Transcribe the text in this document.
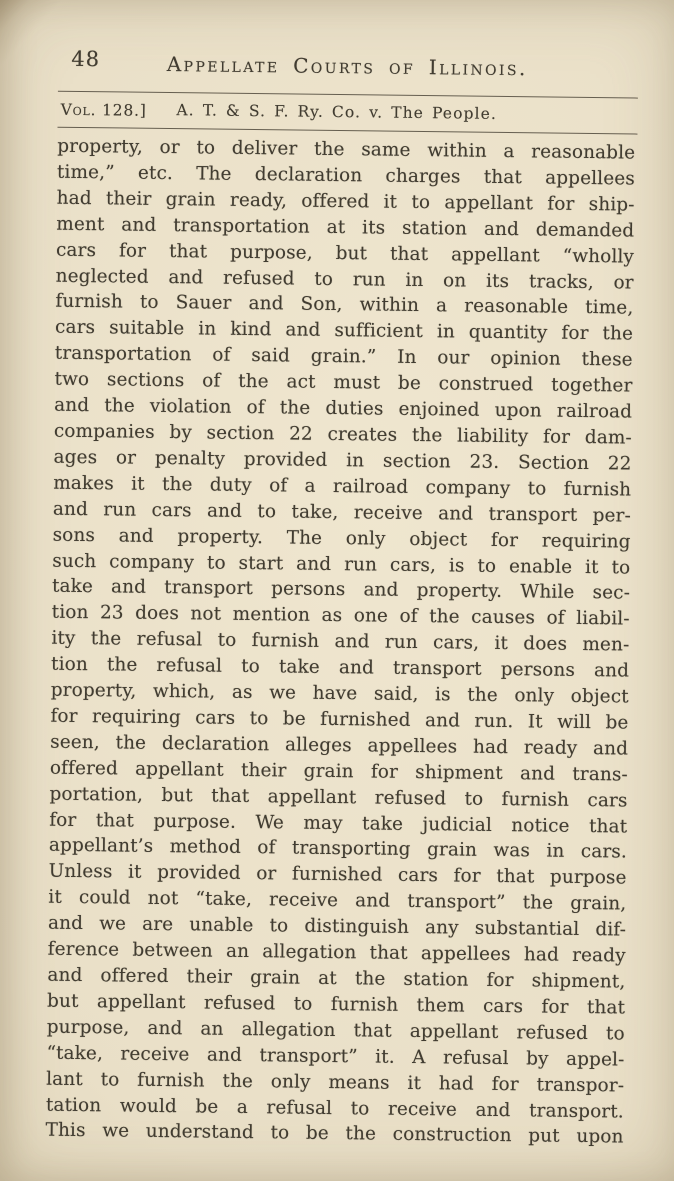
48	Appellate Courts of Illinois.
Vol. 128.]	A. T. & S. F. Ry. Co. v. The People.
property, or to deliver the same within a reasonable
time,” etc. The declaration charges that appellees
had their grain ready, offered it to appellant for ship-
ment and transportation at its station and demanded
cars for that purpose, but that appellant “wholly
neglected and refused to run in on its tracks, or
furnish to Sauer and Son, within a reasonable time,
cars suitable in kind and sufficient in quantity for the
transportation of said grain.” In our opinion these
two sections of the act must be construed together
and the violation of the duties enjoined upon railroad
companies by section 22 creates the liability for dam-
ages or penalty provided in section 23. Section 22
makes it the duty of a railroad company to furnish
and run cars and to take, receive and transport per-
sons and property. The only object for requiring
such company to start and run cars, is to enable it to
take and transport persons and property. While sec-
tion 23 does not mention as one of the causes of liabil-
ity the refusal to furnish and run cars, it does men-
tion the refusal to take and transport persons and
property, which, as we have said, is the only object
for requiring cars to be furnished and run. It will be
seen, the declaration alleges appellees had ready and
offered appellant their grain for shipment and trans-
portation, but that appellant refused to furnish cars
for that purpose. We may take judicial notice that
appellant’s method of transporting grain was in cars.
Unless it provided or furnished cars for that purpose
it could not “take, receive and transport” the grain,
and we are unable to distinguish any substantial dif-
ference between an allegation that appellees had ready
and offered their grain at the station for shipment,
but appellant refused to furnish them cars for that
purpose, and an allegation that appellant refused to
“take, receive and transport” it. A refusal by appel-
lant to furnish the only means it had for transpor-
tation would be a refusal to receive and transport.
This we understand to be the construction put upon
